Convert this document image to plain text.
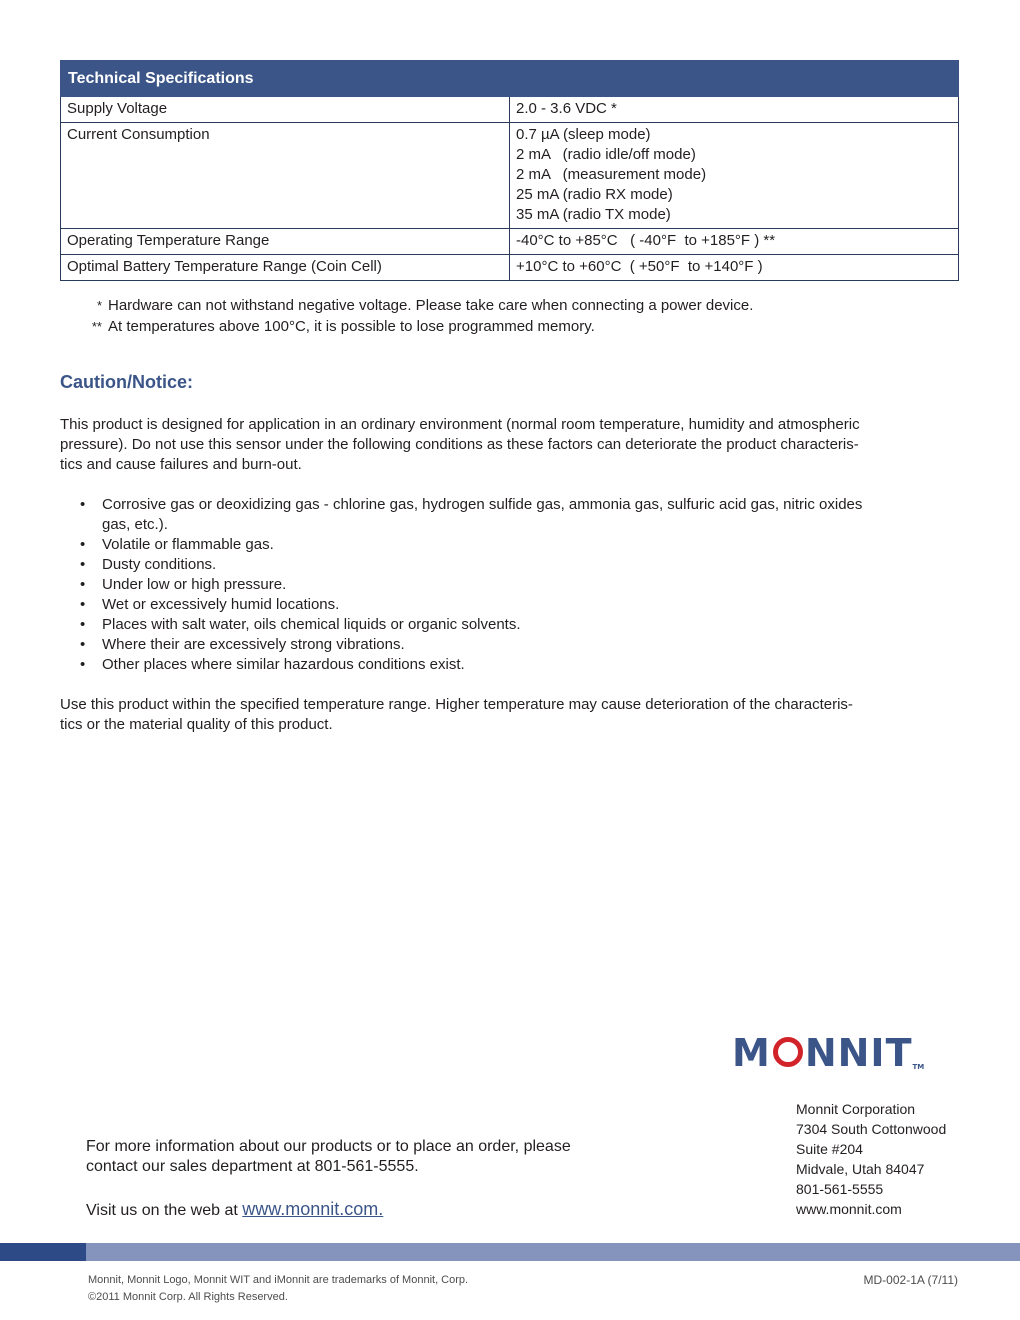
Technical Specifications	
Supply Voltage	2.0 - 3.6 VDC *

Current Consumption	0.7 µA (sleep mode)
2 mA   (radio idle/off mode)
2 mA   (measurement mode)
25 mA (radio RX mode)
35 mA (radio TX mode)

Operating Temperature Range	-40°C to +85°C   ( -40°F  to +185°F ) **

Optimal Battery Temperature Range (Coin Cell)	+10°C to +60°C  ( +50°F  to +140°F )
* Hardware can not withstand negative voltage. Please take care when connecting a power device.
** At temperatures above 100°C, it is possible to lose programmed memory.
Caution/Notice:

This product is designed for application in an ordinary environment (normal room temperature, humidity and atmospheric
pressure). Do not use this sensor under the following conditions as these factors can deteriorate the product characteris-
tics and cause failures and burn-out.

• Corrosive gas or deoxidizing gas - chlorine gas, hydrogen sulfide gas, ammonia gas, sulfuric acid gas, nitric oxides
gas, etc.).
• Volatile or flammable gas.
• Dusty conditions.
• Under low or high pressure.
• Wet or excessively humid locations.
• Places with salt water, oils chemical liquids or organic solvents.
• Where their are excessively strong vibrations.
• Other places where similar hazardous conditions exist.

Use this product within the specified temperature range. Higher temperature may cause deterioration of the characteris-
tics or the material quality of this product.

M NNIT TM
Monnit Corporation
7304 South Cottonwood
Suite #204
Midvale, Utah 84047
801-561-5555
www.monnit.com
For more information about our products or to place an order, please
contact our sales department at 801-561-5555.
Visit us on the web at www.monnit.com.
Monnit, Monnit Logo, Monnit WIT and iMonnit are trademarks of Monnit, Corp.
©2011 Monnit Corp. All Rights Reserved.
MD-002-1A (7/11)
